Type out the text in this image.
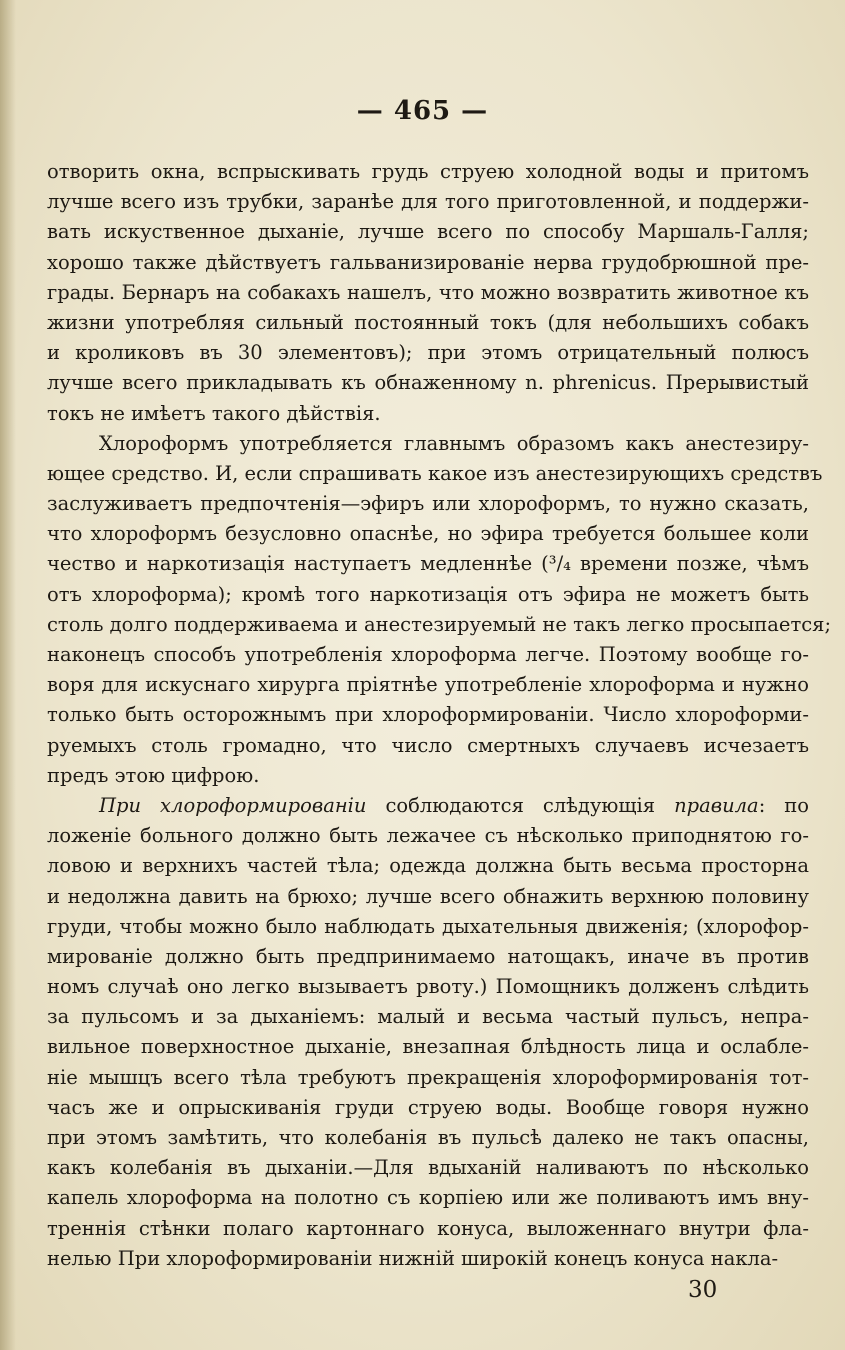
— 465 —
отворить окна, вспрыскивать грудь струею холодной воды и притомъ
лучше всего изъ трубки, заранѣе для того приготовленной, и поддержи-
вать искуственное дыханіе, лучше всего по способу Маршаль-Галля;
хорошо также дѣйствуетъ гальванизированіе нерва грудобрюшной пре-
грады. Бернаръ на собакахъ нашелъ, что можно возвратить животное къ
жизни употребляя сильный постоянный токъ (для небольшихъ собакъ
и кроликовъ въ 30 элементовъ); при этомъ отрицательный полюсъ
лучше всего прикладывать къ обнаженному n. phrenicus. Прерывистый
токъ не имѣетъ такого дѣйствія.
Хлороформъ употребляется главнымъ образомъ какъ анестезиру-
ющее средство. И, если спрашивать какое изъ анестезирующихъ средствъ
заслуживаетъ предпочтенія—эфиръ или хлороформъ, то нужно сказать,
что хлороформъ безусловно опаснѣе, но эфира требуется большее коли
чество и наркотизація наступаетъ медленнѣе (³/₄ времени позже, чѣмъ
отъ хлороформа); кромѣ того наркотизація отъ эфира не можетъ быть
столь долго поддерживаема и анестезируемый не такъ легко просыпается;
наконецъ способъ употребленія хлороформа легче. Поэтому вообще го-
воря для искуснаго хирурга пріятнѣе употребленіе хлороформа и нужно
только быть осторожнымъ при хлороформированіи. Число хлороформи-
руемыхъ столь громадно, что число смертныхъ случаевъ исчезаетъ
предъ этою цифрою.
При хлороформированіи соблюдаются слѣдующія правила: по
ложеніе больного должно быть лежачее съ нѣсколько приподнятою го-
ловою и верхнихъ частей тѣла; одежда должна быть весьма просторна
и недолжна давить на брюхо; лучше всего обнажить верхнюю половину
груди, чтобы можно было наблюдать дыхательныя движенія; (хлорофор-
мированіе должно быть предпринимаемо натощакъ, иначе въ против
номъ случаѣ оно легко вызываетъ рвоту.) Помощникъ долженъ слѣдить
за пульсомъ и за дыханіемъ: малый и весьма частый пульсъ, непра-
вильное поверхностное дыханіе, внезапная блѣдность лица и ослабле-
ніе мышцъ всего тѣла требуютъ прекращенія хлороформированія тот-
часъ же и опрыскиванія груди струею воды. Вообще говоря нужно
при этомъ замѣтить, что колебанія въ пульсѣ далеко не такъ опасны,
какъ колебанія въ дыханіи.—Для вдыханій наливаютъ по нѣсколько
капель хлороформа на полотно съ корпіею или же поливаютъ имъ вну-
треннія стѣнки полаго картоннаго конуса, выложеннаго внутри фла-
нелью При хлороформированіи нижній широкій конецъ конуса накла-
30
